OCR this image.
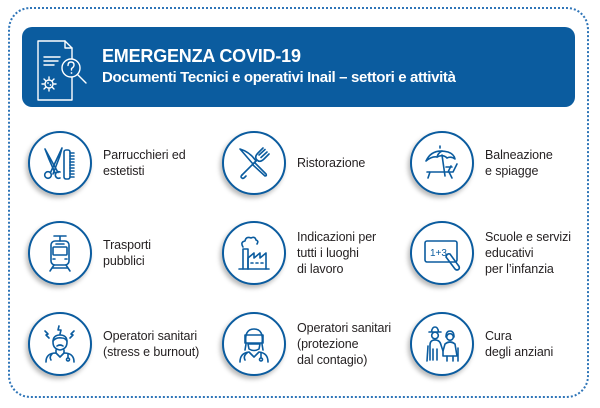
EMERGENZA COVID-19
Documenti Tecnici e operativi Inail – settori e attività
Parrucchieri ed
estetisti
Ristorazione
Balneazione
e spiagge
Trasporti
pubblici
Indicazioni per
tutti i luoghi
di lavoro
1+3
Scuole e servizi
educativi
per l’infanzia
Operatori sanitari
(stress e burnout)
Operatori sanitari
(protezione
dal contagio)
Cura
degli anziani
